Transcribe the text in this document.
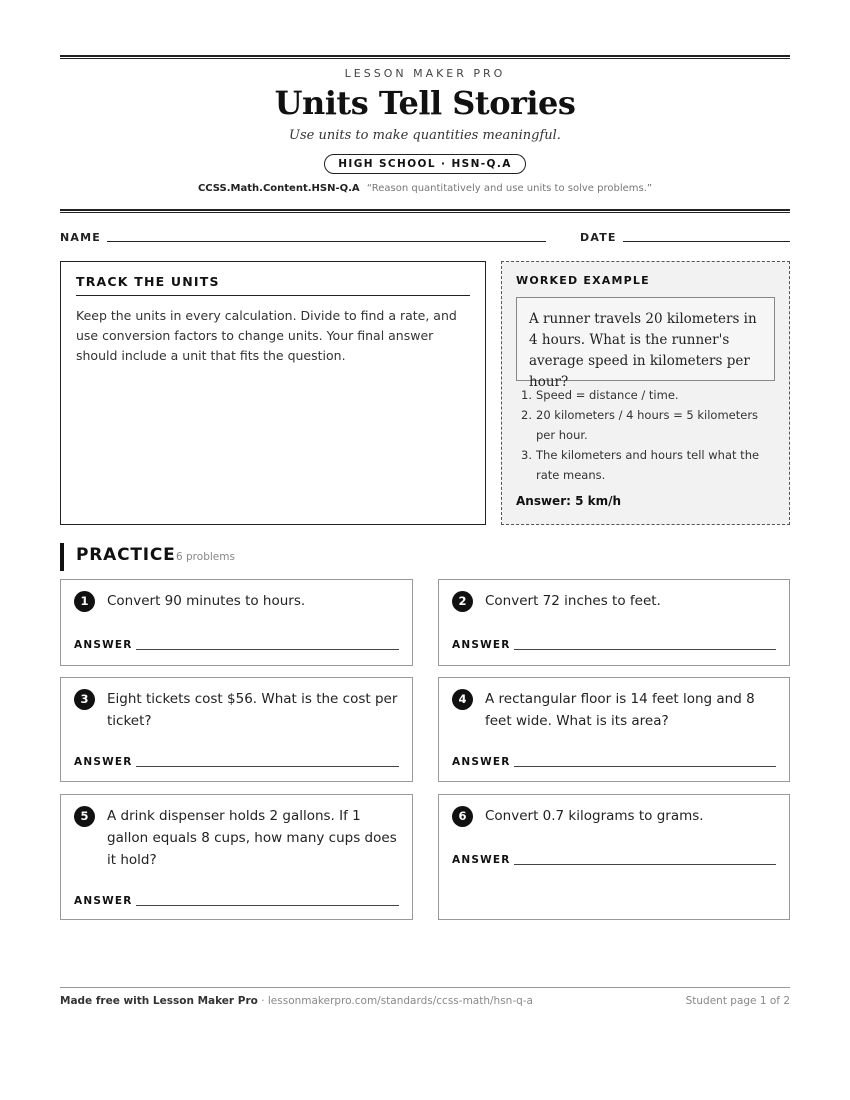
LESSON MAKER PRO
Units Tell Stories
Use units to make quantities meaningful.
HIGH SCHOOL · HSN-Q.A
CCSS.Math.Content.HSN-Q.A “Reason quantitatively and use units to solve problems.”
NAME	DATE
TRACK THE UNITS
Keep the units in every calculation. Divide to find a rate, and use conversion factors to change units. Your final answer should include a unit that fits the question.
WORKED EXAMPLE
A runner travels 20 kilometers in 4 hours. What is the runner's average speed in kilometers per hour?
1. Speed = distance / time.
2. 20 kilometers / 4 hours = 5 kilometers per hour.
3. The kilometers and hours tell what the rate means.
Answer: 5 km/h
PRACTICE 6 problems
1	Convert 90 minutes to hours.
ANSWER
2	Convert 72 inches to feet.
ANSWER
3	Eight tickets cost $56. What is the cost per ticket?
ANSWER
4	A rectangular floor is 14 feet long and 8 feet wide. What is its area?
ANSWER
5	A drink dispenser holds 2 gallons. If 1 gallon equals 8 cups, how many cups does it hold?
ANSWER
6	Convert 0.7 kilograms to grams.
ANSWER
Made free with Lesson Maker Pro · lessonmakerpro.com/standards/ccss-math/hsn-q-a	Student page 1 of 2
